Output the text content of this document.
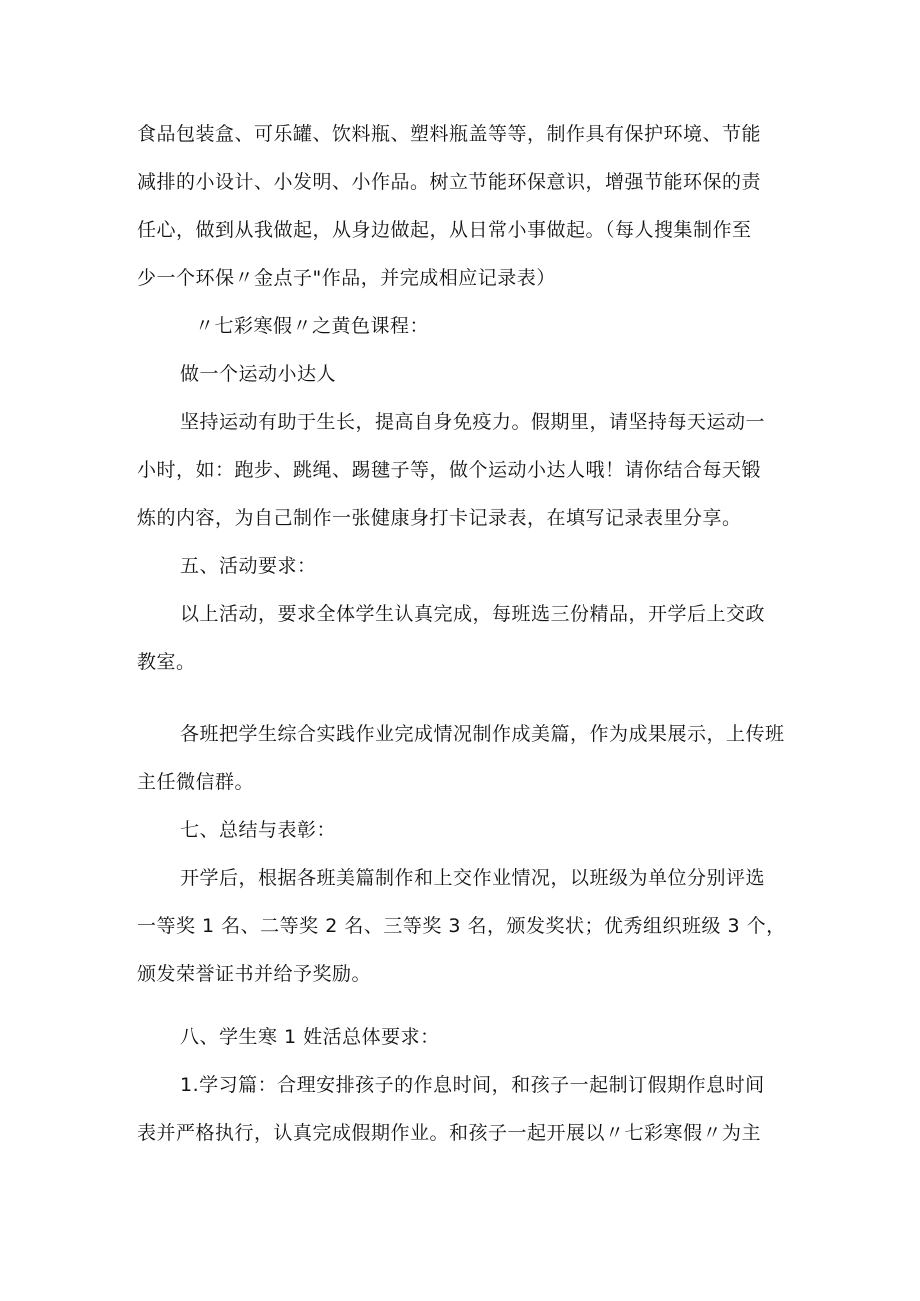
食品包装盒、可乐罐、饮料瓶、塑料瓶盖等等，制作具有保护环境、节能
减排的小设计、小发明、小作品。树立节能环保意识，增强节能环保的责
任心，做到从我做起，从身边做起，从日常小事做起。（每人搜集制作至
少一个环保〃金点子"作品，并完成相应记录表）
〃七彩寒假〃之黄色课程：
做一个运动小达人
坚持运动有助于生长，提高自身免疫力。假期里，请坚持每天运动一
小时，如：跑步、跳绳、踢毽子等，做个运动小达人哦！请你结合每天锻
炼的内容，为自己制作一张健康身打卡记录表，在填写记录表里分享。
五、活动要求：
以上活动，要求全体学生认真完成，每班选三份精品，开学后上交政
教室。
各班把学生综合实践作业完成情况制作成美篇，作为成果展示，上传班
主任微信群。
七、总结与表彰：
开学后，根据各班美篇制作和上交作业情况，以班级为单位分别评选
一等奖 1 名、二等奖 2 名、三等奖 3 名，颁发奖状；优秀组织班级 3 个，
颁发荣誉证书并给予奖励。
八、学生寒 1 姓活总体要求：
1.学习篇：合理安排孩子的作息时间，和孩子一起制订假期作息时间
表并严格执行，认真完成假期作业。和孩子一起开展以〃七彩寒假〃为主
